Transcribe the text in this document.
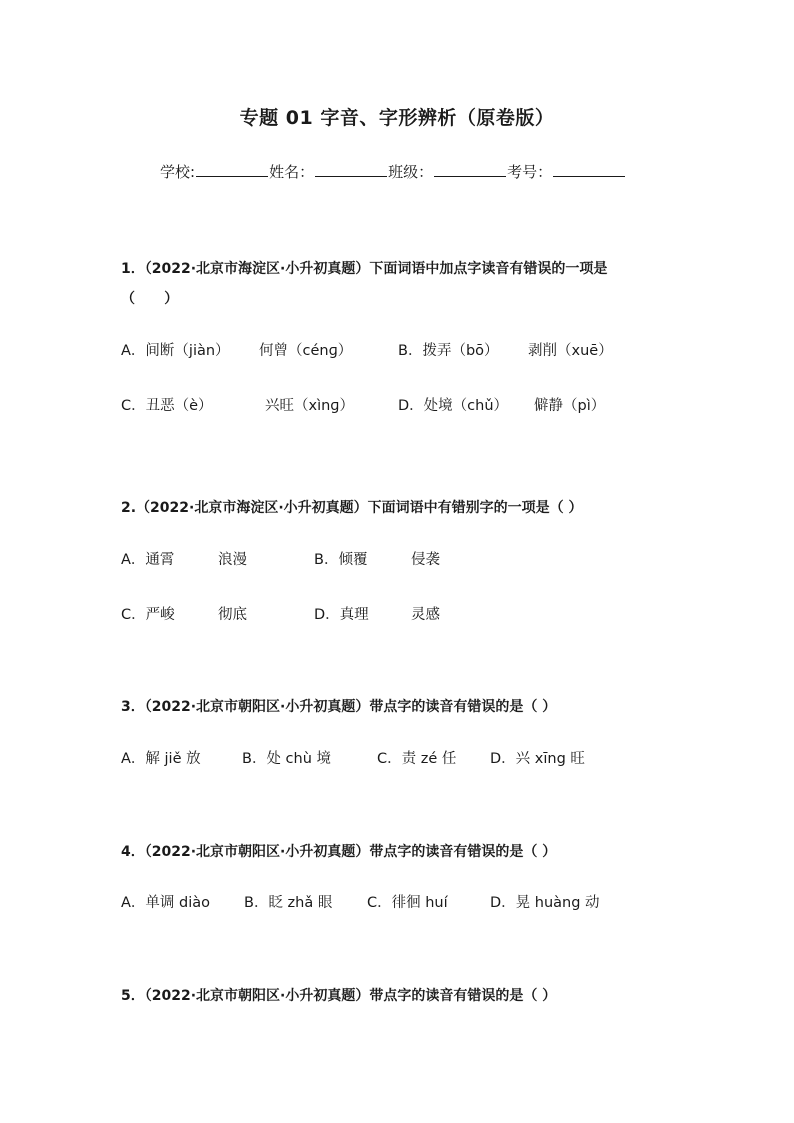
专题 01 字音、字形辨析（原卷版）
学校:	姓名：	班级：	考号：
1．（2022·北京市海淀区·小升初真题）下面词语中加点字读音有错误的一项是
（      ）
A．间断（jiàn） 何曾（cénɡ）	B．拨弄（bō） 剥削（xuē）
C．丑恶（è）	兴旺（xìnɡ）	D．处境（chǔ） 僻静（pì）
2.（2022·北京市海淀区·小升初真题）下面词语中有错别字的一项是（ ）
A．通霄	浪漫	B．倾覆	侵袭
C．严峻	彻底	D．真理	灵感
3．（2022·北京市朝阳区·小升初真题）带点字的读音有错误的是（ ）
A．解 jiě 放	B．处 chù 境	C．责 zé 任 D．兴 xīng 旺
4．（2022·北京市朝阳区·小升初真题）带点字的读音有错误的是（ ）
A．单调 diào B．眨 zhǎ 眼 C．徘徊 huí	D．晃 huàng 动
5．（2022·北京市朝阳区·小升初真题）带点字的读音有错误的是（ ）
